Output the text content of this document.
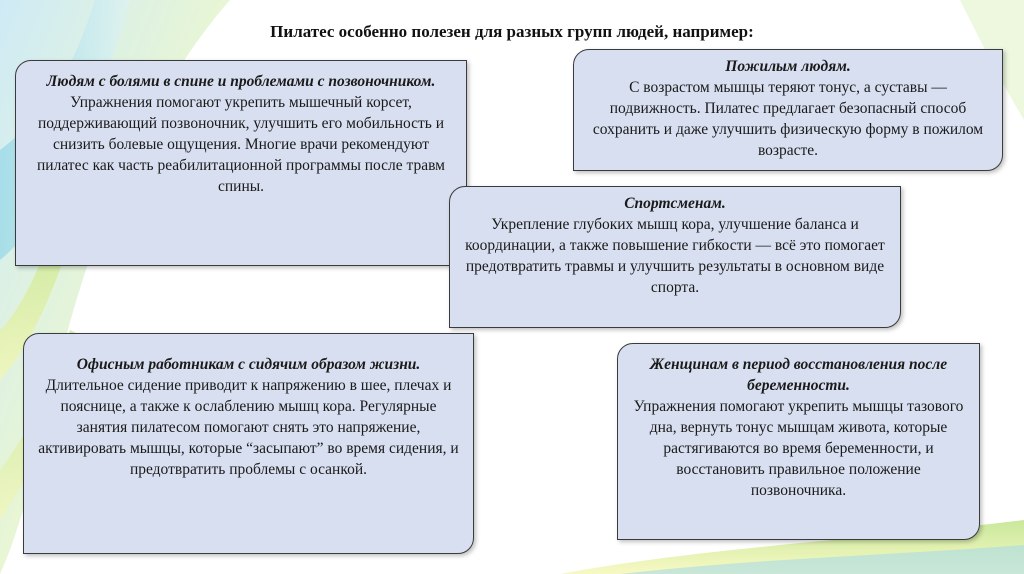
Пилатес особенно полезен для разных групп людей, например:
Людям с болями в спине и проблемами с позвоночником.
Упражнения помогают укрепить мышечный корсет, поддерживающий позвоночник, улучшить его мобильность и снизить болевые ощущения. Многие врачи рекомендуют пилатес как часть реабилитационной программы после травм спины.
Пожилым людям.
С возрастом мышцы теряют тонус, а суставы — подвижность. Пилатес предлагает безопасный способ сохранить и даже улучшить физическую форму в пожилом возрасте.
Спортсменам.
Укрепление глубоких мышц кора, улучшение баланса и координации, а также повышение гибкости — всё это помогает предотвратить травмы и улучшить результаты в основном виде спорта.
Офисным работникам с сидячим образом жизни.
Длительное сидение приводит к напряжению в шее, плечах и пояснице, а также к ослаблению мышц кора. Регулярные занятия пилатесом помогают снять это напряжение, активировать мышцы, которые “засыпают” во время сидения, и предотвратить проблемы с осанкой.
Женщинам в период восстановления после беременности.
Упражнения помогают укрепить мышцы тазового дна, вернуть тонус мышцам живота, которые растягиваются во время беременности, и восстановить правильное положение позвоночника.
